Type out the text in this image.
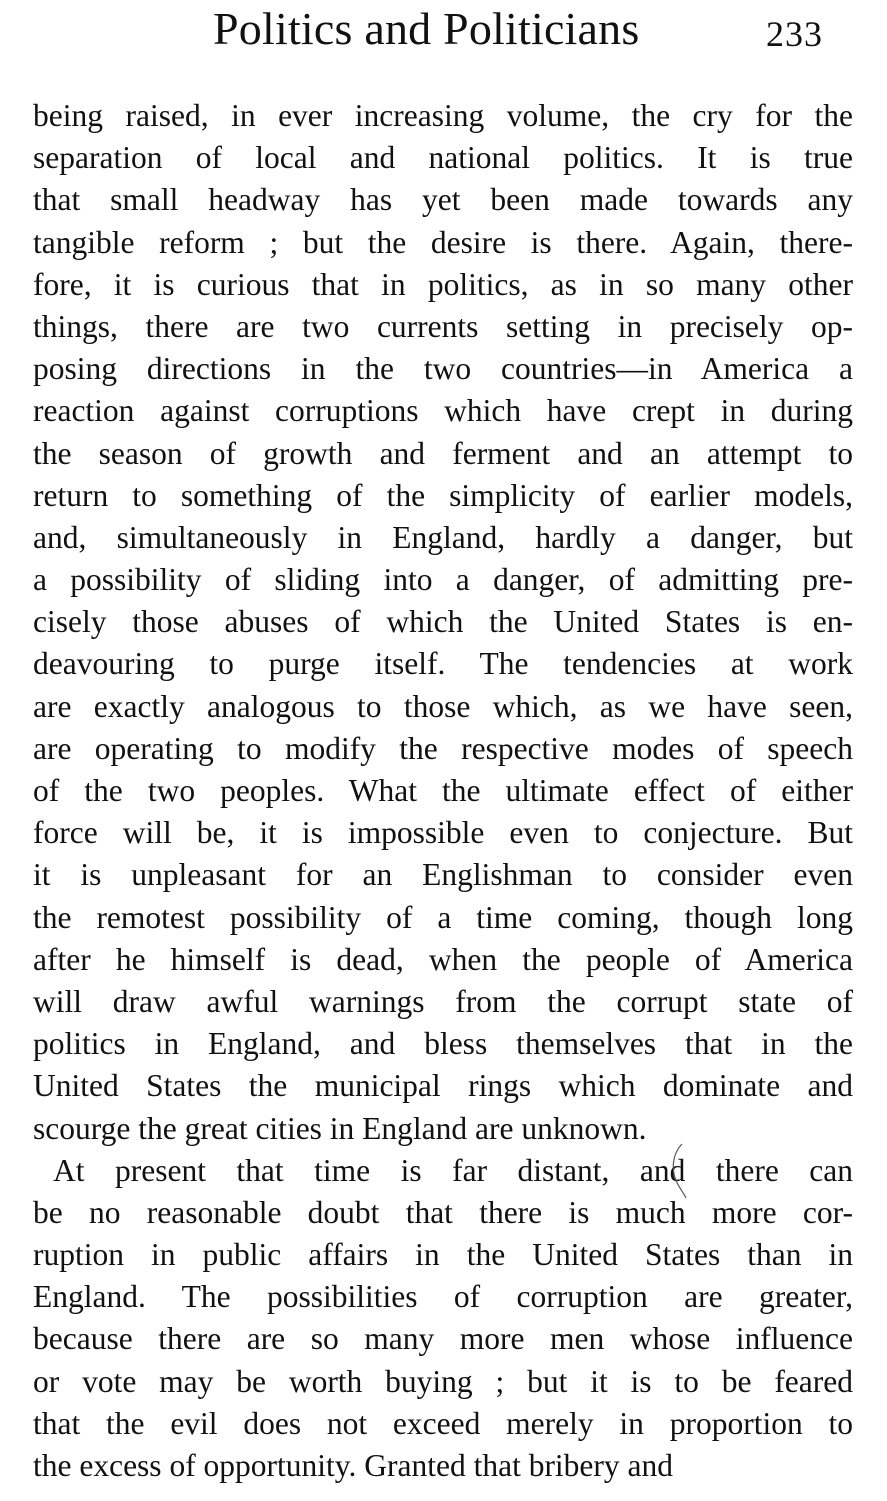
Politics and Politicians	233
being raised, in ever increasing volume, the cry for the
separation of local and national politics. It is true
that small headway has yet been made towards any
tangible reform ; but the desire is there. Again, there-
fore, it is curious that in politics, as in so many other
things, there are two currents setting in precisely op-
posing directions in the two countries—in America a
reaction against corruptions which have crept in during
the season of growth and ferment and an attempt to
return to something of the simplicity of earlier models,
and, simultaneously in England, hardly a danger, but
a possibility of sliding into a danger, of admitting pre-
cisely those abuses of which the United States is en-
deavouring to purge itself. The tendencies at work
are exactly analogous to those which, as we have seen,
are operating to modify the respective modes of speech
of the two peoples. What the ultimate effect of either
force will be, it is impossible even to conjecture. But
it is unpleasant for an Englishman to consider even
the remotest possibility of a time coming, though long
after he himself is dead, when the people of America
will draw awful warnings from the corrupt state of
politics in England, and bless themselves that in the
United States the municipal rings which dominate and
scourge the great cities in England are unknown.
At present that time is far distant, and there can
be no reasonable doubt that there is much more cor-
ruption in public affairs in the United States than in
England. The possibilities of corruption are greater,
because there are so many more men whose influence
or vote may be worth buying ; but it is to be feared
that the evil does not exceed merely in proportion to
the excess of opportunity. Granted that bribery and
